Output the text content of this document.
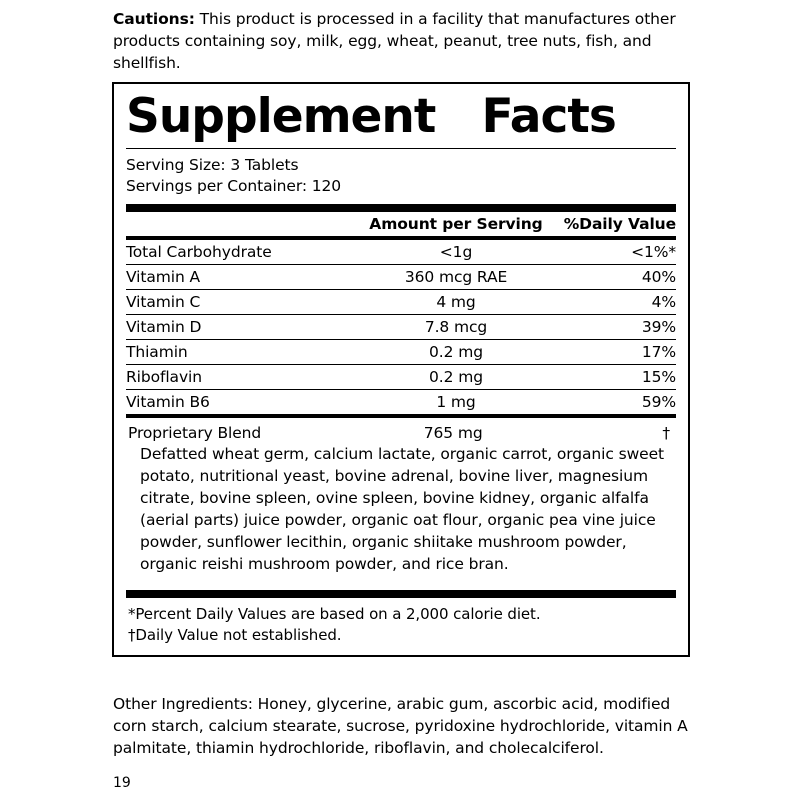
Cautions: This product is processed in a facility that manufactures other products containing soy, milk, egg, wheat, peanut, tree nuts, fish, and shellfish.
Supplement   Facts
Serving Size: 3 Tablets
Servings per Container: 120
	Amount per Serving	%Daily Value
Total Carbohydrate	<1g	<1%*
Vitamin A	360 mcg RAE	40%
Vitamin C	4 mg	4%
Vitamin D	7.8 mcg	39%
Thiamin	0.2 mg	17%
Riboflavin	0.2 mg	15%
Vitamin B6	1 mg	59%
Proprietary Blend	765 mg	†
Defatted wheat germ, calcium lactate, organic carrot, organic sweet potato, nutritional yeast, bovine adrenal, bovine liver, magnesium citrate, bovine spleen, ovine spleen, bovine kidney, organic alfalfa (aerial parts) juice powder, organic oat flour, organic pea vine juice powder, sunflower lecithin, organic shiitake mushroom powder, organic reishi mushroom powder, and rice bran.
*Percent Daily Values are based on a 2,000 calorie diet.
†Daily Value not established.
Other Ingredients: Honey, glycerine, arabic gum, ascorbic acid, modified corn starch, calcium stearate, sucrose, pyridoxine hydrochloride, vitamin A palmitate, thiamin hydrochloride, riboflavin, and cholecalciferol.
19
